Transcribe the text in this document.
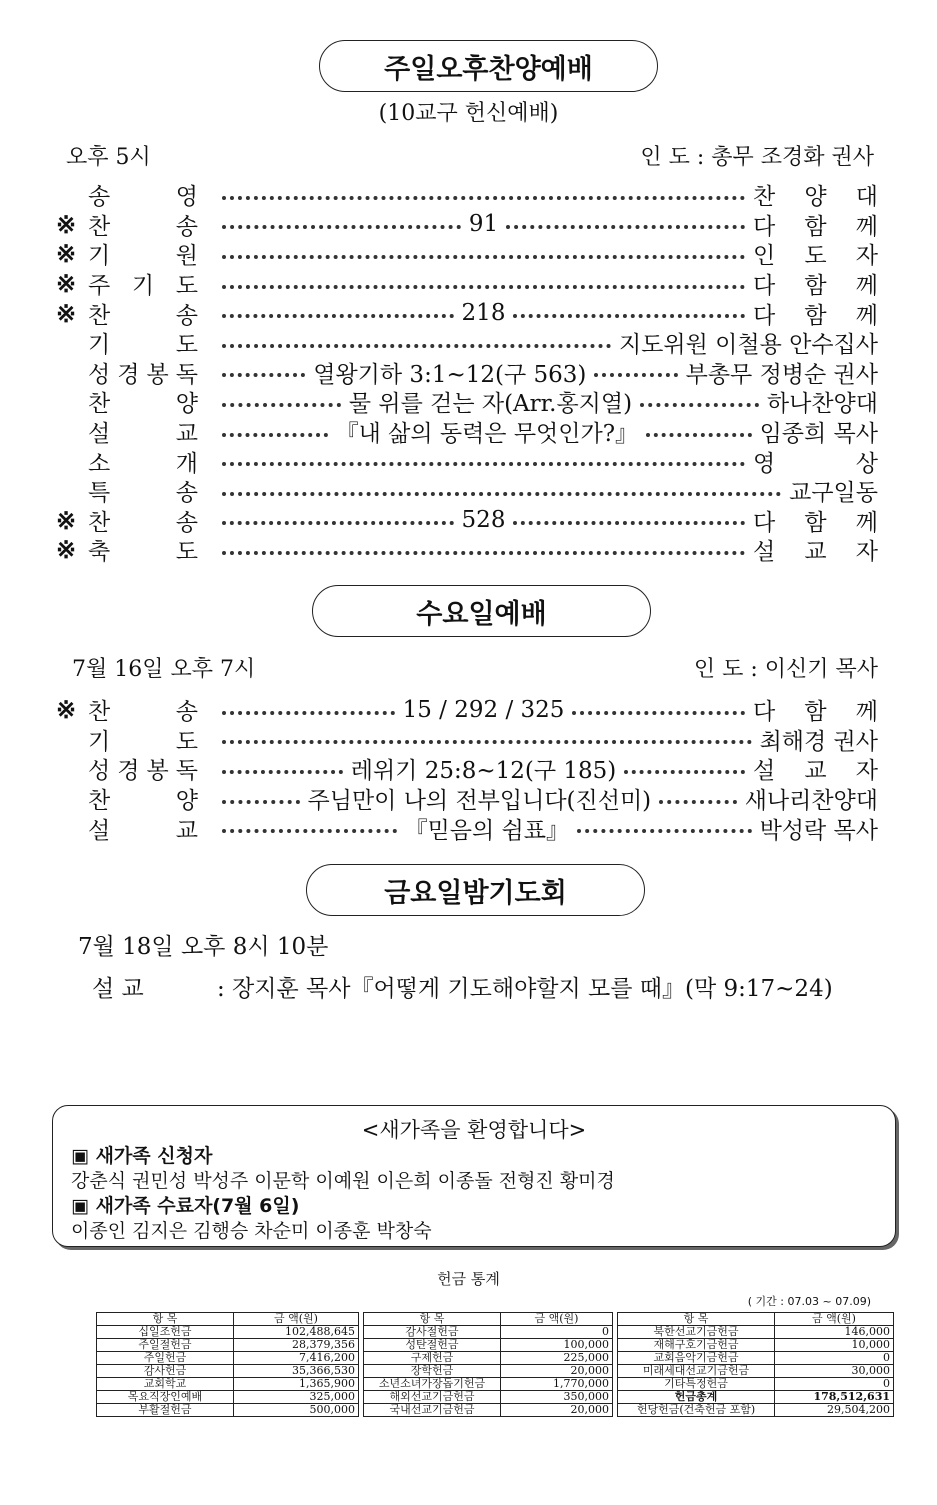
주일오후찬양예배
(10교구 헌신예배)
오후 5시	인 도 : 총무 조경화 권사
송	영	찬 양 대
※ 찬	송	91	다 함 께
※ 기	원	인 도 자
※ 주 기 도	다 함 께
※ 찬	송	218	다 함 께
기	도	지도위원 이철용 안수집사
성 경 봉 독	열왕기하 3:1~12(구 563)	부총무 정병순 권사
찬	양	물 위를 걷는 자(Arr.홍지열)	하나찬양대
설	교	『내 삶의 동력은 무엇인가?』	임종희 목사
소	개	영	상
특	송	교구일동
※ 찬	송	528	다 함 께
※ 축	도	설 교 자
수요일예배
7월 16일 오후 7시	인 도 : 이신기 목사
※ 찬	송	15 / 292 / 325	다 함 께
기	도	최해경 권사
성 경 봉 독	레위기 25:8~12(구 185)	설 교 자
찬	양	주님만이 나의 전부입니다(진선미)	새나리찬양대
설	교	『믿음의 쉼표』	박성락 목사
금요일밤기도회
7월 18일 오후 8시 10분
설 교	: 장지훈 목사『어떻게 기도해야할지 모를 때』(막 9:17~24)
<새가족을 환영합니다>
▣ 새가족 신청자
강춘식 권민성 박성주 이문학 이예원 이은희 이종돌 전형진 황미경
▣ 새가족 수료자(7월 6일)
이종인 김지은 김행승 차순미 이종훈 박창숙
헌금 통계
( 기간 : 07.03 ~ 07.09)
항 목	금 액(원)		항 목	금 액(원)		항 목	금 액(원)
십일조헌금	102,488,645		감사절헌금	0		북한선교기금헌금	146,000
주일절헌금	28,379,356		성탄절헌금	100,000		재해구호기금헌금	10,000
주일헌금	7,416,200		구제헌금	225,000		교회음악기금헌금	0
감사헌금	35,366,530		장학헌금	20,000		미래세대선교기금헌금	30,000
교회학교	1,365,900		소년소녀가장돕기헌금	1,770,000		기타특정헌금	0
목요직장인예배	325,000		해외선교기금헌금	350,000		헌금총계	178,512,631
부활절헌금	500,000		국내선교기금헌금	20,000		헌당헌금(건축헌금 포함)	29,504,200
